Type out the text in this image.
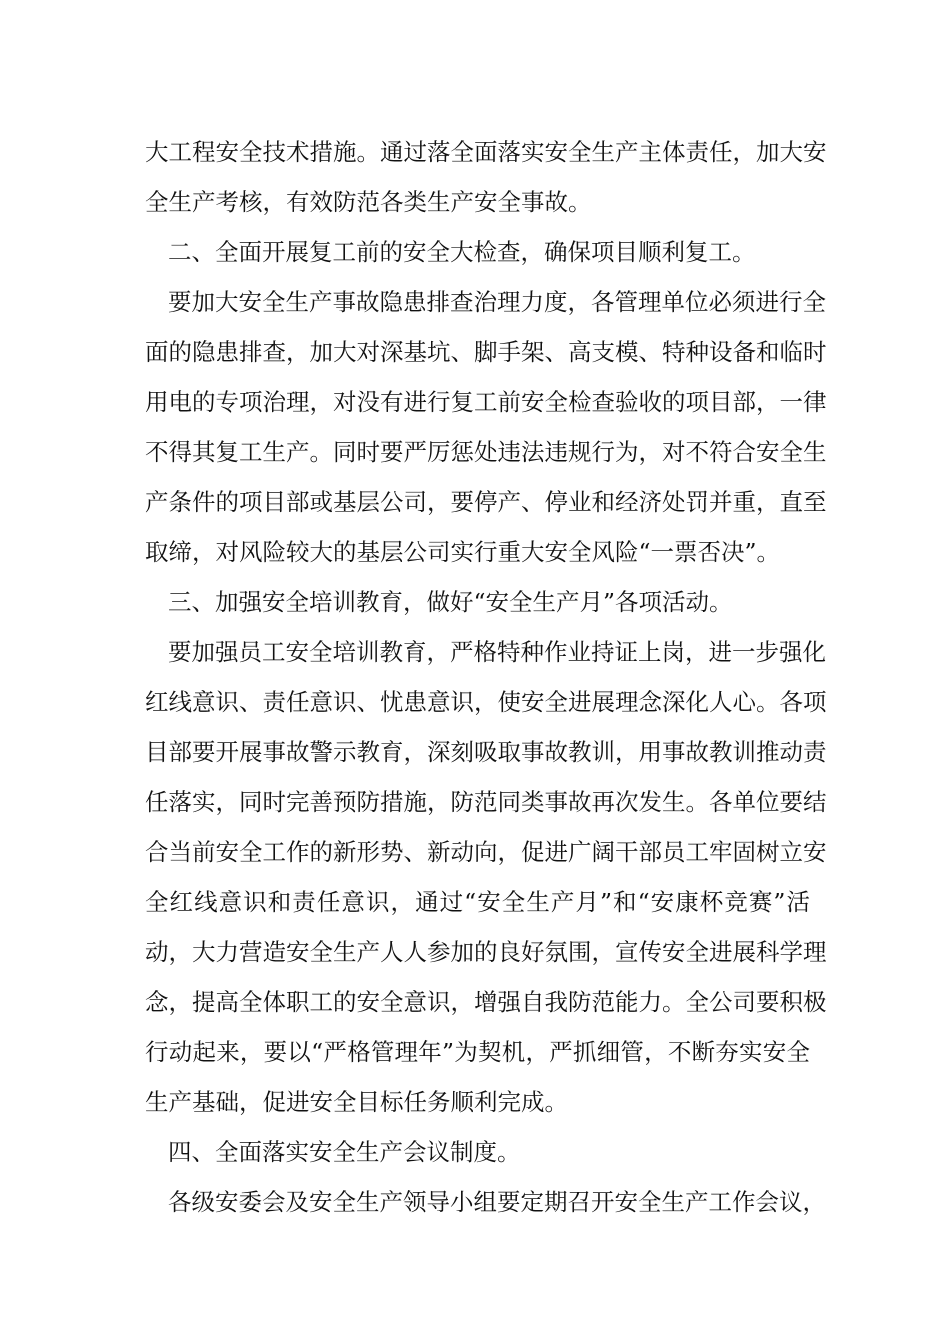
大工程安全技术措施。通过落全面落实安全生产主体责任，加大安
全生产考核，有效防范各类生产安全事故。
二、全面开展复工前的安全大检查，确保项目顺利复工。
要加大安全生产事故隐患排查治理力度，各管理单位必须进行全
面的隐患排查，加大对深基坑、脚手架、高支模、特种设备和临时
用电的专项治理，对没有进行复工前安全检查验收的项目部，一律
不得其复工生产。同时要严厉惩处违法违规行为，对不符合安全生
产条件的项目部或基层公司，要停产、停业和经济处罚并重，直至
取缔，对风险较大的基层公司实行重大安全风险“一票否决”。
三、加强安全培训教育，做好“安全生产月”各项活动。
要加强员工安全培训教育，严格特种作业持证上岗，进一步强化
红线意识、责任意识、忧患意识，使安全进展理念深化人心。各项
目部要开展事故警示教育，深刻吸取事故教训，用事故教训推动责
任落实，同时完善预防措施，防范同类事故再次发生。各单位要结
合当前安全工作的新形势、新动向，促进广阔干部员工牢固树立安
全红线意识和责任意识，通过“安全生产月”和“安康杯竞赛”活
动，大力营造安全生产人人参加的良好氛围，宣传安全进展科学理
念，提高全体职工的安全意识，增强自我防范能力。全公司要积极
行动起来，要以“严格管理年”为契机，严抓细管，不断夯实安全
生产基础，促进安全目标任务顺利完成。
四、全面落实安全生产会议制度。
各级安委会及安全生产领导小组要定期召开安全生产工作会议，
